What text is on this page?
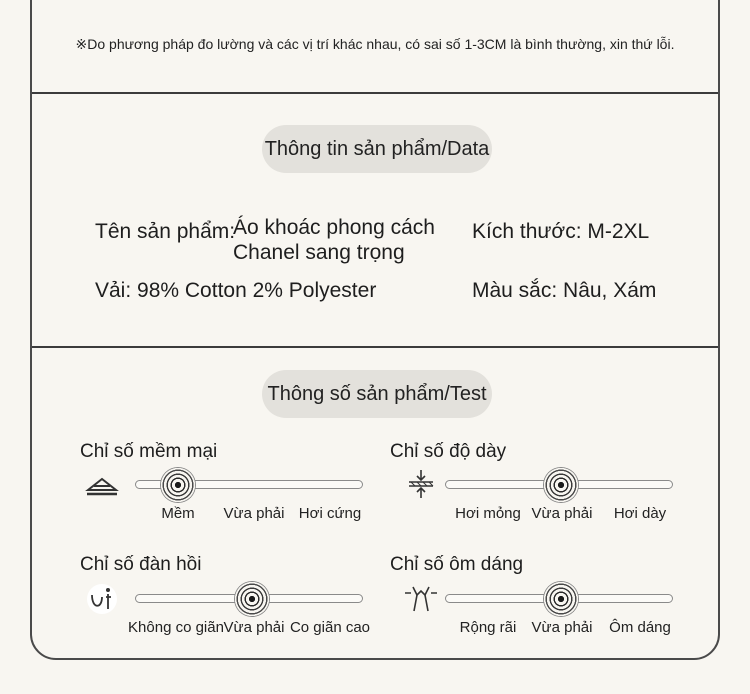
※Do phương pháp đo lường và các vị trí khác nhau, có sai số 1-3CM là bình thường, xin thứ lỗi.
Thông tin sản phẩm/Data
Tên sản phẩm:
Áo khoác phong cách
Chanel sang trọng
Kích thước: M-2XL
Vải: 98% Cotton 2% Polyester	Màu sắc: Nâu, Xám
Thông số sản phẩm/Test
Chỉ số mềm mại
Mềm Vừa phải Hơi cứng
Chỉ số độ dày
Hơi mỏng Vừa phải Hơi dày
Chỉ số đàn hồi
Không co giãn Vừa phải Co giãn cao
Chỉ số ôm dáng
Rộng rãi Vừa phải Ôm dáng
